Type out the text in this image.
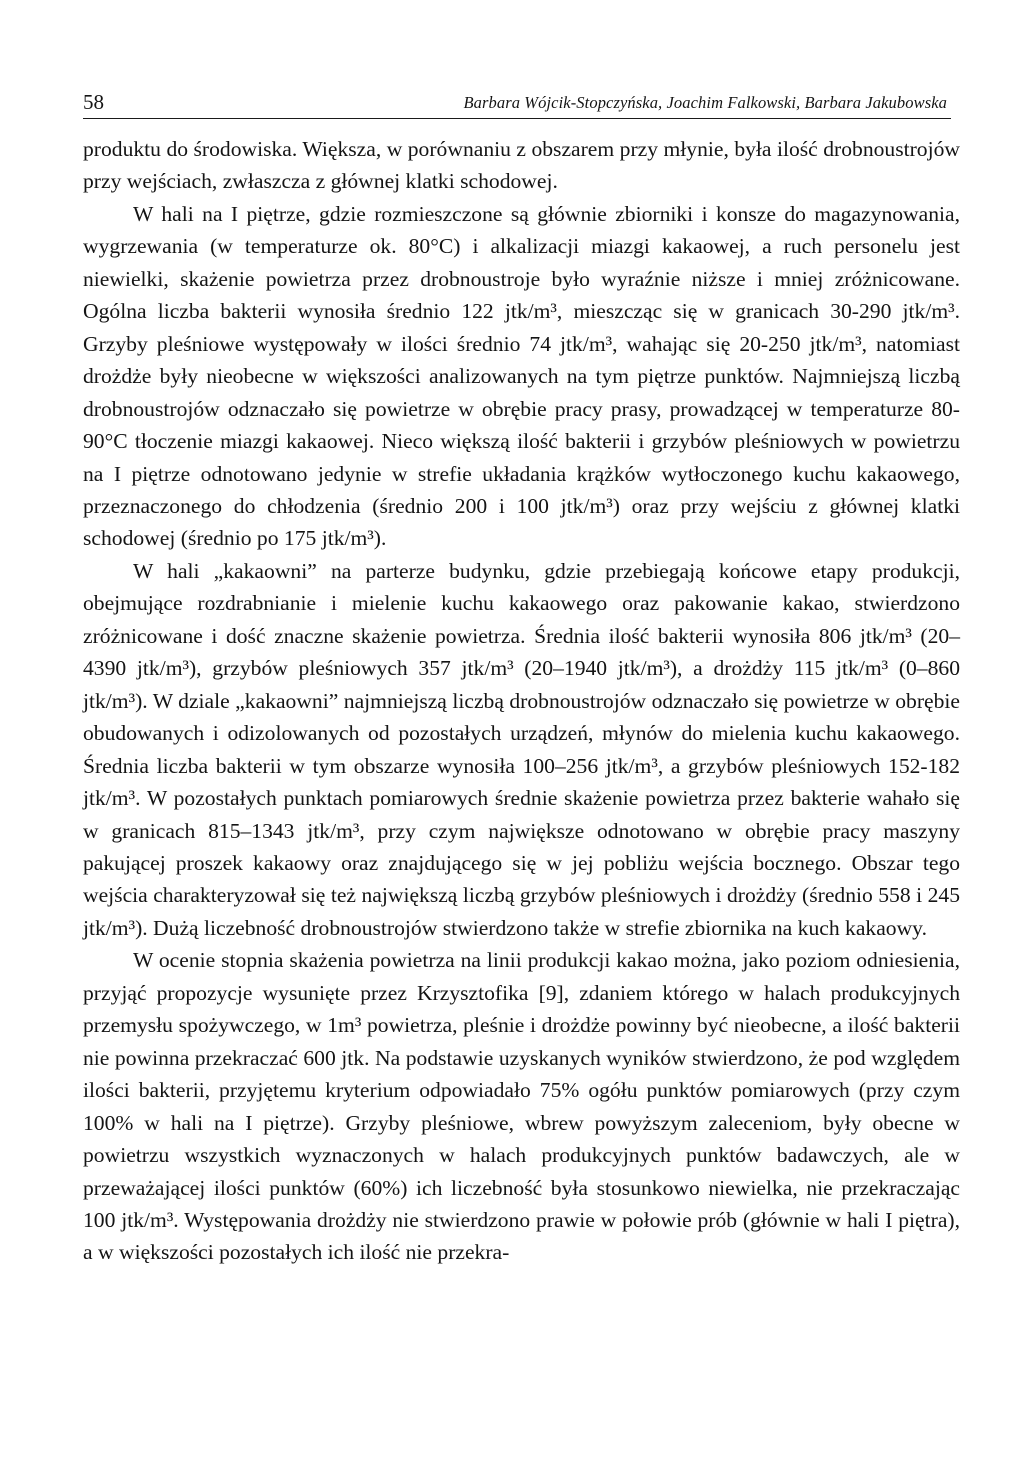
58	Barbara Wójcik-Stopczyńska, Joachim Falkowski, Barbara Jakubowska

produktu do środowiska. Większa, w porównaniu z obszarem przy młynie, była ilość drobnoustrojów przy wejściach, zwłaszcza z głównej klatki schodowej.

W hali na I piętrze, gdzie rozmieszczone są głównie zbiorniki i konsze do magazynowania, wygrzewania (w temperaturze ok. 80°C) i alkalizacji miazgi kakaowej, a ruch personelu jest niewielki, skażenie powietrza przez drobnoustroje było wyraźnie niższe i mniej zróżnicowane. Ogólna liczba bakterii wynosiła średnio 122 jtk/m³, mieszcząc się w granicach 30-290 jtk/m³. Grzyby pleśniowe występowały w ilości średnio 74 jtk/m³, wahając się 20-250 jtk/m³, natomiast drożdże były nieobecne w większości analizowanych na tym piętrze punktów. Najmniejszą liczbą drobnoustrojów odznaczało się powietrze w obrębie pracy prasy, prowadzącej w temperaturze 80-90°C tłoczenie miazgi kakaowej. Nieco większą ilość bakterii i grzybów pleśniowych w powietrzu na I piętrze odnotowano jedynie w strefie układania krążków wytłoczonego kuchu kakaowego, przeznaczonego do chłodzenia (średnio 200 i 100 jtk/m³) oraz przy wejściu z głównej klatki schodowej (średnio po 175 jtk/m³).

W hali „kakaowni” na parterze budynku, gdzie przebiegają końcowe etapy produkcji, obejmujące rozdrabnianie i mielenie kuchu kakaowego oraz pakowanie kakao, stwierdzono zróżnicowane i dość znaczne skażenie powietrza. Średnia ilość bakterii wynosiła 806 jtk/m³ (20–4390 jtk/m³), grzybów pleśniowych 357 jtk/m³ (20–1940 jtk/m³), a drożdży 115 jtk/m³ (0–860 jtk/m³). W dziale „kakaowni” najmniejszą liczbą drobnoustrojów odznaczało się powietrze w obrębie obudowanych i odizolowanych od pozostałych urządzeń, młynów do mielenia kuchu kakaowego. Średnia liczba bakterii w tym obszarze wynosiła 100–256 jtk/m³, a grzybów pleśniowych 152-182 jtk/m³. W pozostałych punktach pomiarowych średnie skażenie powietrza przez bakterie wahało się w granicach 815–1343 jtk/m³, przy czym największe odnotowano w obrębie pracy maszyny pakującej proszek kakaowy oraz znajdującego się w jej pobliżu wejścia bocznego. Obszar tego wejścia charakteryzował się też największą liczbą grzybów pleśniowych i drożdży (średnio 558 i 245 jtk/m³). Dużą liczebność drobnoustrojów stwierdzono także w strefie zbiornika na kuch kakaowy.

W ocenie stopnia skażenia powietrza na linii produkcji kakao można, jako poziom odniesienia, przyjąć propozycje wysunięte przez Krzysztofika [9], zdaniem którego w halach produkcyjnych przemysłu spożywczego, w 1m³ powietrza, pleśnie i drożdże powinny być nieobecne, a ilość bakterii nie powinna przekraczać 600 jtk. Na podstawie uzyskanych wyników stwierdzono, że pod względem ilości bakterii, przyjętemu kryterium odpowiadało 75% ogółu punktów pomiarowych (przy czym 100% w hali na I piętrze). Grzyby pleśniowe, wbrew powyższym zaleceniom, były obecne w powietrzu wszystkich wyznaczonych w halach produkcyjnych punktów badawczych, ale w przeważającej ilości punktów (60%) ich liczebność była stosunkowo niewielka, nie przekraczając 100 jtk/m³. Występowania drożdży nie stwierdzono prawie w połowie prób (głównie w hali I piętra), a w większości pozostałych ich ilość nie przekra-
